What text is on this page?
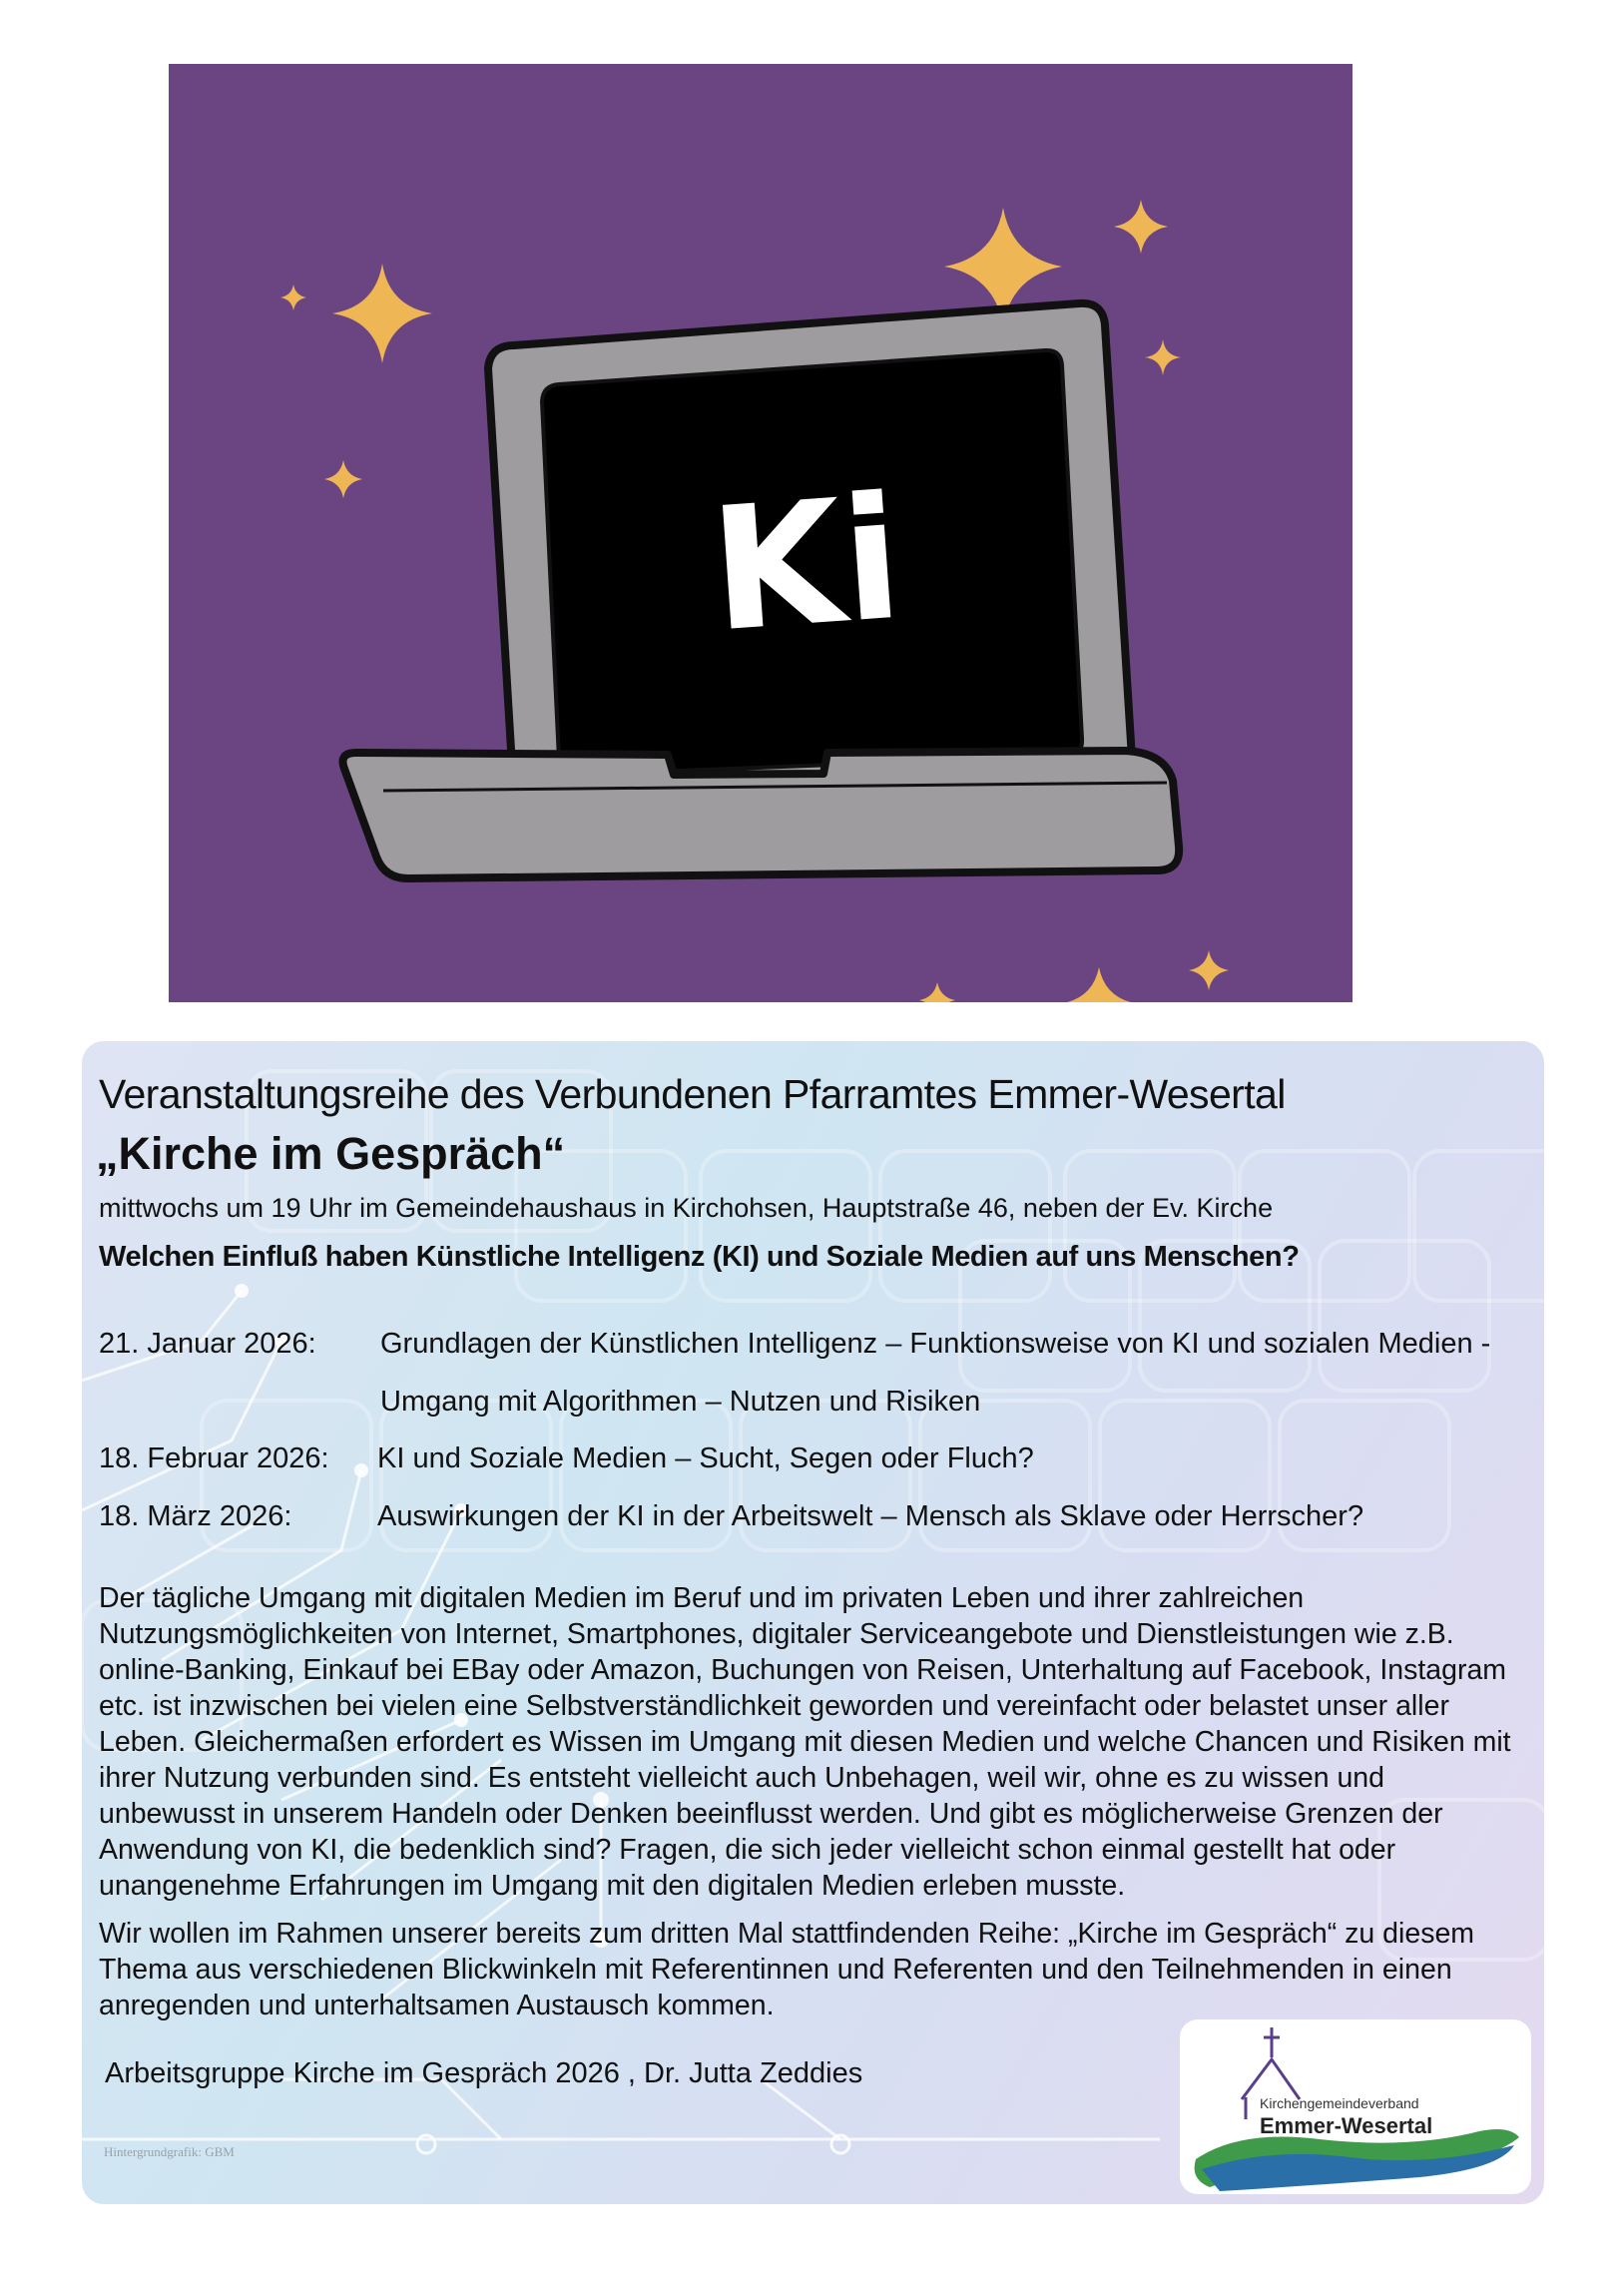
Ki
Veranstaltungsreihe des Verbundenen Pfarramtes Emmer-Wesertal
„Kirche im Gespräch“
mittwochs um 19 Uhr im Gemeindehaushaus in Kirchohsen, Hauptstraße 46, neben der Ev. Kirche
Welchen Einfluß haben Künstliche Intelligenz (KI) und Soziale Medien auf uns Menschen?
21. Januar 2026: Grundlagen der Künstlichen Intelligenz – Funktionsweise von KI und sozialen Medien -
Umgang mit Algorithmen – Nutzen und Risiken
18. Februar 2026: KI und Soziale Medien – Sucht, Segen oder Fluch?
18. März 2026:	Auswirkungen der KI in der Arbeitswelt – Mensch als Sklave oder Herrscher?

Der tägliche Umgang mit digitalen Medien im Beruf und im privaten Leben und ihrer zahlreichen Nutzungsmöglichkeiten von Internet, Smartphones, digitaler Serviceangebote und Dienstleistungen wie z.B. online-Banking, Einkauf bei EBay oder Amazon, Buchungen von Reisen, Unterhaltung auf Facebook, Instagram etc. ist inzwischen bei vielen eine Selbstverständlichkeit geworden und vereinfacht oder belastet unser aller Leben. Gleichermaßen erfordert es Wissen im Umgang mit diesen Medien und welche Chancen und Risiken mit ihrer Nutzung verbunden sind. Es entsteht vielleicht auch Unbehagen, weil wir, ohne es zu wissen und unbewusst in unserem Handeln oder Denken beeinflusst werden. Und gibt es möglicherweise Grenzen der Anwendung von KI, die bedenklich sind? Fragen, die sich jeder vielleicht schon einmal gestellt hat oder unangenehme Erfahrungen im Umgang mit den digitalen Medien erleben musste.

Wir wollen im Rahmen unserer bereits zum dritten Mal stattfindenden Reihe: „Kirche im Gespräch“ zu diesem Thema aus verschiedenen Blickwinkeln mit Referentinnen und Referenten und den Teilnehmenden in einen anregenden und unterhaltsamen Austausch kommen.

Arbeitsgruppe Kirche im Gespräch 2026 , Dr. Jutta Zeddies
Hintergrundgrafik: GBM
Kirchengemeindeverband
Emmer-Wesertal
